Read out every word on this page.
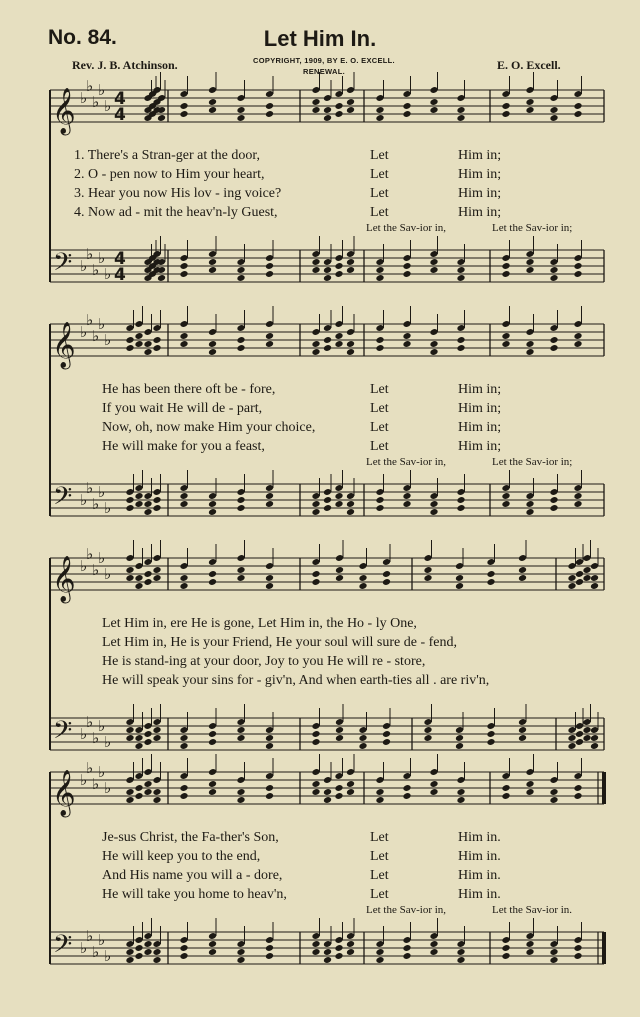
No. 84.	Let Him In.
Rev. J. B. Atchinson.	COPYRIGHT, 1909, BY E. O. EXCELL.
RENEWAL.	E. O. Excell.
𝄞 ♭
♭
♭
♭
♭ 4
4
𝄢 ♭
♭
♭
♭
♭
4
4
1. There's a Stran-ger at the door,	Let	Him in;
2. O - pen now to Him your heart,	Let	Him in;
3. Hear you now His lov - ing voice?	Let	Him in;
4. Now ad - mit the heav'n-ly Guest,	Let	Him in;
Let the Sav-ior in,	Let the Sav-ior in;
𝄞 ♭
♭
♭
♭
♭
𝄢 ♭
♭
♭
♭
♭
He has been there oft be - fore,	Let	Him in;
If you wait He will de - part,	Let	Him in;
Now, oh, now make Him your choice,	Let	Him in;
He will make for you a feast,	Let	Him in;
Let the Sav-ior in,	Let the Sav-ior in;
𝄞 ♭
♭
♭
♭
♭
𝄢 ♭
♭
♭
♭
♭
Let Him in, ere He is gone, Let Him in, the Ho - ly One,
Let Him in, He is your Friend, He your soul will sure de - fend,
He is stand-ing at your door, Joy to you He will re - store,
He will speak your sins for - giv'n, And when earth-ties all . are riv'n,
𝄞 ♭
♭
♭
♭
♭
𝄢 ♭
♭
♭
♭
♭
Je-sus Christ, the Fa-ther's Son,	Let	Him in.
He will keep you to the end,	Let	Him in.
And His name you will a - dore,	Let	Him in.
He will take you home to heav'n,	Let	Him in.
Let the Sav-ior in,	Let the Sav-ior in.
